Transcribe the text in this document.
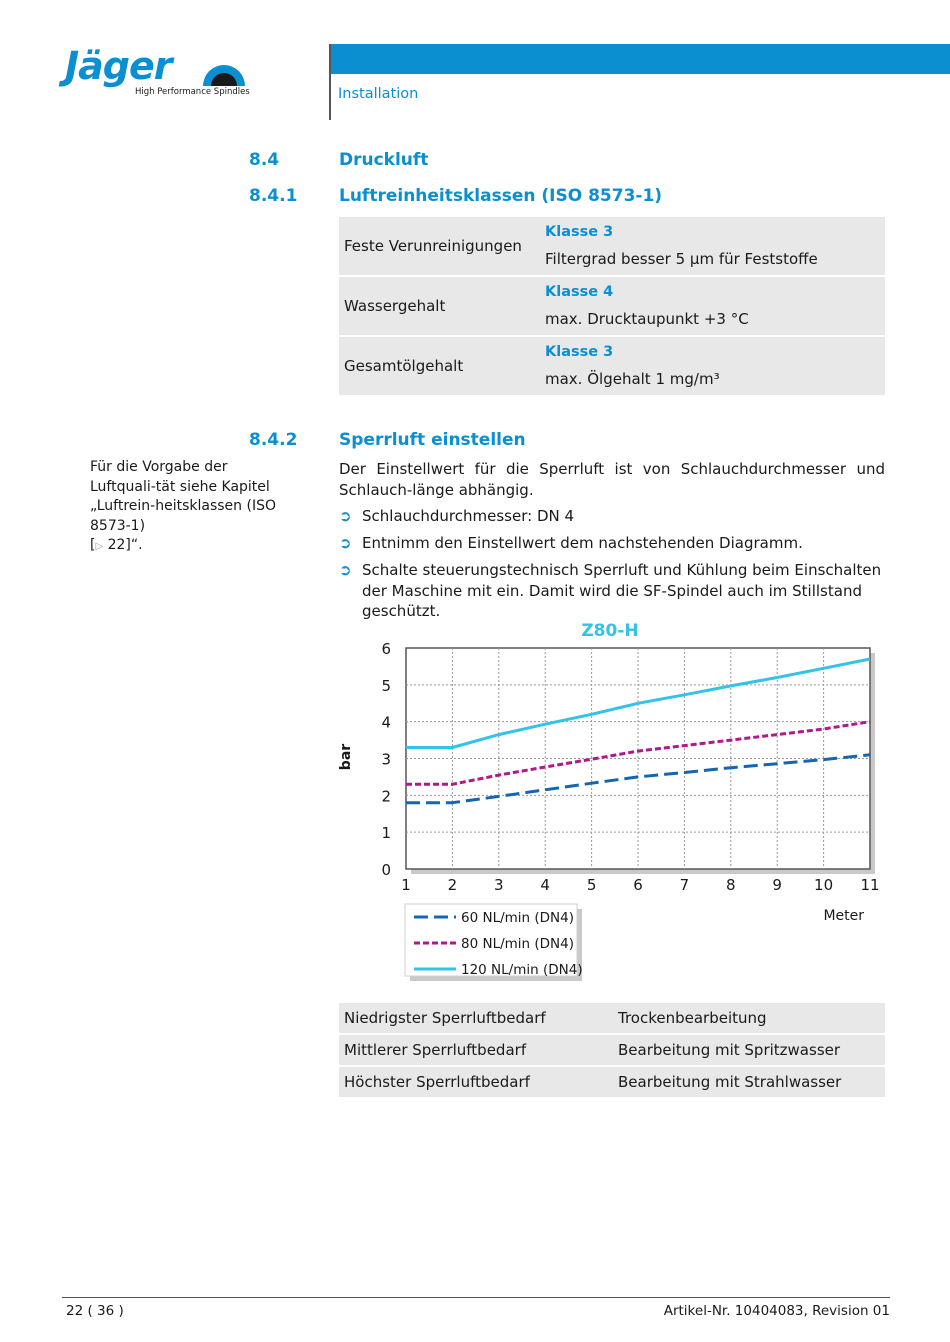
Jäger
High Performance Spindles	Installation
8.4	Druckluft
8.4.1 Luftreinheitsklassen (ISO 8573-1)
Feste Verunreinigungen	Klasse 3
Filtergrad besser 5 µm für Feststoffe

Wassergehalt	Klasse 4
max. Drucktaupunkt +3 °C

Gesamtölgehalt	Klasse 3
max. Ölgehalt 1 mg/m³
8.4.2 Sperrluft einstellen
Für die Vorgabe der Luftquali-tät siehe Kapitel „Luftrein-heitsklassen (ISO 8573-1)
[▷ 22]“.
Der Einstellwert für die Sperrluft ist von Schlauchdurchmesser und Schlauch-länge abhängig.
➲ Schlauchdurchmesser: DN 4
➲ Entnimm den Einstellwert dem nachstehenden Diagramm.
➲ Schalte steuerungstechnisch Sperrluft und Kühlung beim Einschalten der Maschine mit ein. Damit wird die SF-Spindel auch im Stillstand geschützt.
1 2 3 4 5 6 7 8 9 10 11
0
1
2
3
4
5
6
Z80-H
bar
Meter
60 NL/min (DN4)
80 NL/min (DN4)
120 NL/min (DN4)
Niedrigster Sperrluftbedarf	Trockenbearbeitung
Mittlerer Sperrluftbedarf	Bearbeitung mit Spritzwasser
Höchster Sperrluftbedarf	Bearbeitung mit Strahlwasser
22 ( 36 )	Artikel-Nr. 10404083, Revision 01
